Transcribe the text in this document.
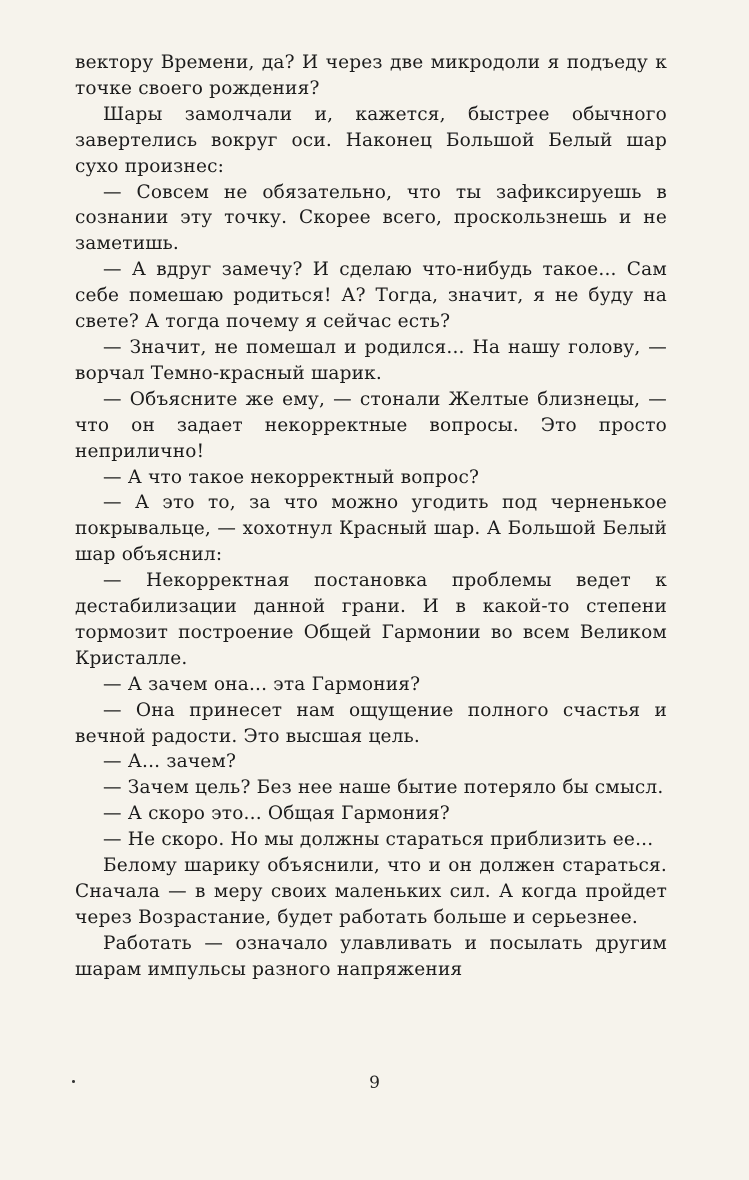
вектору Времени, да? И через две микродоли я подъеду к точке своего рождения?

Шары замолчали и, кажется, быстрее обычного завертелись вокруг оси. Наконец Большой Белый шар сухо произнес:

— Совсем не обязательно, что ты зафиксируешь в сознании эту точку. Скорее всего, проскользнешь и не заметишь.

— А вдруг замечу? И сделаю что-нибудь такое... Сам себе помешаю родиться! А? Тогда, значит, я не буду на свете? А тогда почему я сейчас есть?

— Значит, не помешал и родился... На нашу голову, — ворчал Темно-красный шарик.

— Объясните же ему, — стонали Желтые близнецы, — что он задает некорректные вопросы. Это просто неприлично!

— А что такое некорректный вопрос?

— А это то, за что можно угодить под черненькое покрывальце, — хохотнул Красный шар. А Большой Белый шар объяснил:

— Некорректная постановка проблемы ведет к дестабилизации данной грани. И в какой-то степени тормозит построение Общей Гармонии во всем Великом Кристалле.

— А зачем она... эта Гармония?

— Она принесет нам ощущение полного счастья и вечной радости. Это высшая цель.

— А... зачем?

— Зачем цель? Без нее наше бытие потеряло бы смысл.

— А скоро это... Общая Гармония?

— Не скоро. Но мы должны стараться приблизить ее...

Белому шарику объяснили, что и он должен стараться. Сначала — в меру своих маленьких сил. А когда пройдет через Возрастание, будет работать больше и серьезнее.

Работать — означало улавливать и посылать другим шарам импульсы разного напряжения

9
